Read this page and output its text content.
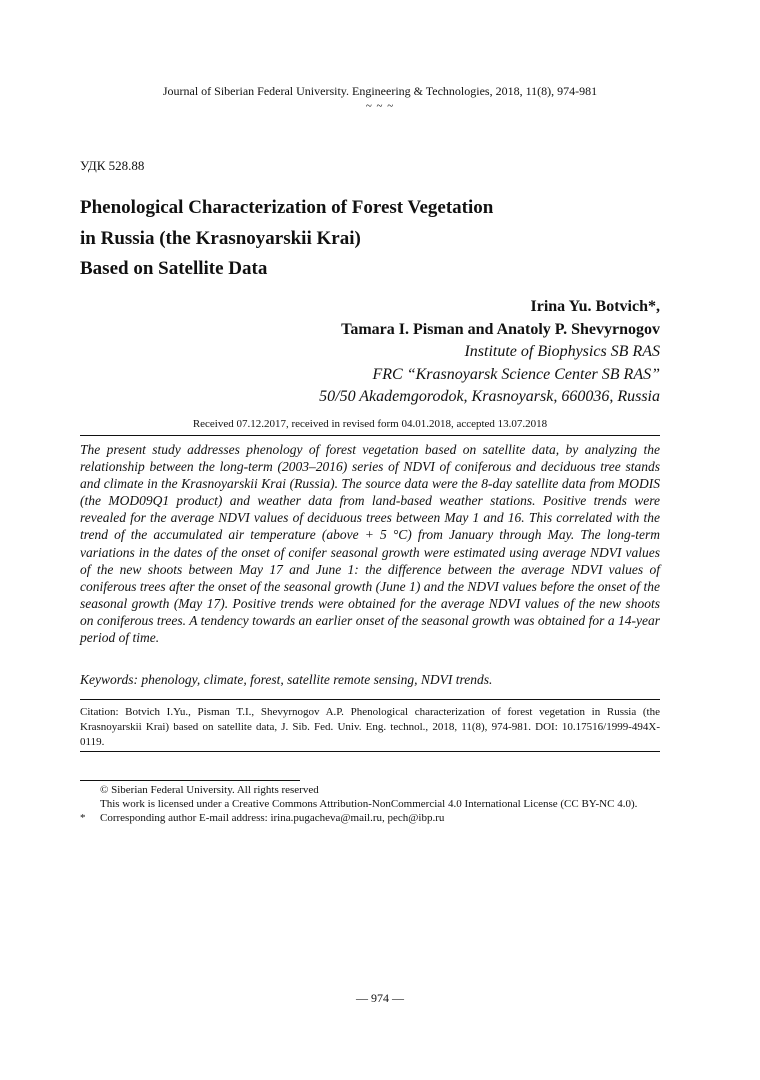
Journal of Siberian Federal University. Engineering & Technologies, 2018, 11(8), 974-981
~ ~ ~
УДК 528.88
Phenological Characterization of Forest Vegetation
in Russia (the Krasnoyarskii Krai)
Based on Satellite Data
Irina Yu. Botvich*,
Tamara I. Pisman and Anatoly P. Shevyrnogov
Institute of Biophysics SB RAS
FRC “Krasnoyarsk Science Center SB RAS”
50/50 Akademgorodok, Krasnoyarsk, 660036, Russia
Received 07.12.2017, received in revised form 04.01.2018, accepted 13.07.2018

The present study addresses phenology of forest vegetation based on satellite data, by analyzing the relationship between the long-term (2003–2016) series of NDVI of coniferous and deciduous tree stands and climate in the Krasnoyarskii Krai (Russia). The source data were the 8-day satellite data from MODIS (the MOD09Q1 product) and weather data from land-based weather stations. Positive trends were revealed for the average NDVI values of deciduous trees between May 1 and 16. This correlated with the trend of the accumulated air temperature (above + 5 °C) from January through May. The long-term variations in the dates of the onset of conifer seasonal growth were estimated using average NDVI values of the new shoots between May 17 and June 1: the difference between the average NDVI values of coniferous trees after the onset of the seasonal growth (June 1) and the NDVI values before the onset of the seasonal growth (May 17). Positive trends were obtained for the average NDVI values of the new shoots on coniferous trees. A tendency towards an earlier onset of the seasonal growth was obtained for a 14-year period of time.

Keywords: phenology, climate, forest, satellite remote sensing, NDVI trends.

Citation: Botvich I.Yu., Pisman T.I., Shevyrnogov A.P. Phenological characterization of forest vegetation in Russia (the Krasnoyarskii Krai) based on satellite data, J. Sib. Fed. Univ. Eng. technol., 2018, 11(8), 974-981. DOI: 10.17516/1999-494X-0119.

© Siberian Federal University. All rights reserved
This work is licensed under a Creative Commons Attribution-NonCommercial 4.0 International License (CC BY-NC 4.0).
* Corresponding author E-mail address: irina.pugacheva@mail.ru, pech@ibp.ru
— 974 —
